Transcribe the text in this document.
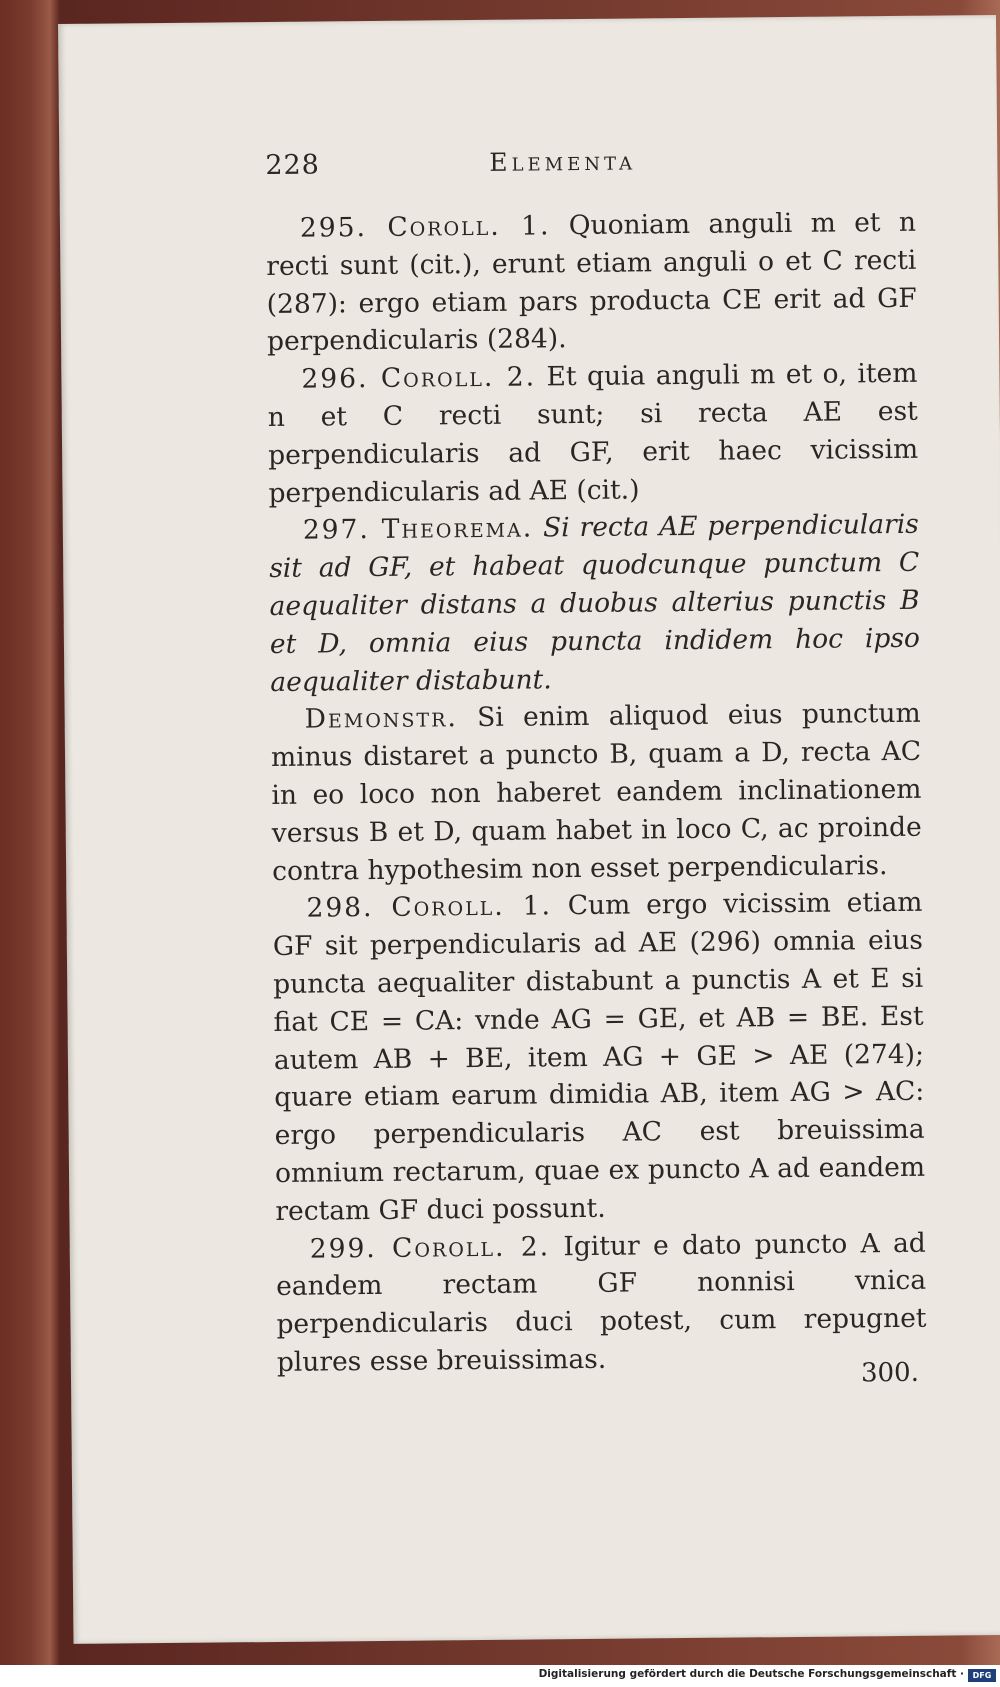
228	Elementa

295. Coroll. 1. Quoniam anguli m et n recti sunt (cit.), erunt etiam anguli o et C recti (287): ergo etiam pars producta CE erit ad GF perpendicularis (284).

296. Coroll. 2. Et quia anguli m et o, item n et C recti sunt; si recta AE est perpendicularis ad GF, erit haec vicissim perpendicularis ad AE (cit.)

297. Theorema. Si recta AE perpendicularis sit ad GF, et habeat quodcunque punctum C aequaliter distans a duobus alterius punctis B et D, omnia eius puncta indidem hoc ipso aequaliter distabunt.

Demonstr. Si enim aliquod eius punctum minus distaret a puncto B, quam a D, recta AC in eo loco non haberet eandem inclinationem versus B et D, quam habet in loco C, ac proinde contra hypothesim non esset perpendicularis.

298. Coroll. 1. Cum ergo vicissim etiam GF sit perpendicularis ad AE (296) omnia eius puncta aequaliter distabunt a punctis A et E si fiat CE = CA: vnde AG = GE, et AB = BE. Est autem AB + BE, item AG + GE > AE (274); quare etiam earum dimidia AB, item AG > AC: ergo perpendicularis AC est breuissima omnium rectarum, quae ex puncto A ad eandem rectam GF duci possunt.

299. Coroll. 2. Igitur e dato puncto A ad eandem rectam GF nonnisi vnica perpendicularis duci potest, cum repugnet plures esse breuissimas.	300.
Digitalisierung gefördert durch die Deutsche Forschungsgemeinschaft ·	DFG
